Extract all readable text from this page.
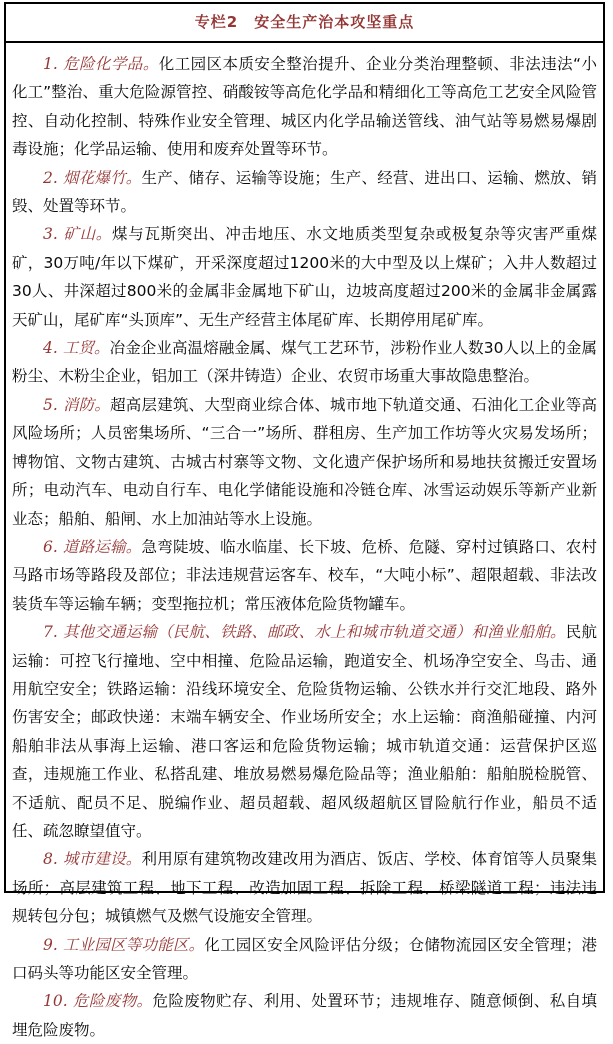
专栏2　安全生产治本攻坚重点

1. 危险化学品。化工园区本质安全整治提升、企业分类治理整顿、非法违法“小化工”整治、重大危险源管控、硝酸铵等高危化学品和精细化工等高危工艺安全风险管控、自动化控制、特殊作业安全管理、城区内化学品输送管线、油气站等易燃易爆剧毒设施；化学品运输、使用和废弃处置等环节。

2. 烟花爆竹。生产、储存、运输等设施；生产、经营、进出口、运输、燃放、销毁、处置等环节。

3. 矿山。煤与瓦斯突出、冲击地压、水文地质类型复杂或极复杂等灾害严重煤矿，30万吨/年以下煤矿，开采深度超过1200米的大中型及以上煤矿；入井人数超过30人、井深超过800米的金属非金属地下矿山，边坡高度超过200米的金属非金属露天矿山，尾矿库“头顶库”、无生产经营主体尾矿库、长期停用尾矿库。

4. 工贸。冶金企业高温熔融金属、煤气工艺环节，涉粉作业人数30人以上的金属粉尘、木粉尘企业，铝加工（深井铸造）企业、农贸市场重大事故隐患整治。

5. 消防。超高层建筑、大型商业综合体、城市地下轨道交通、石油化工企业等高风险场所；人员密集场所、“三合一”场所、群租房、生产加工作坊等火灾易发场所；博物馆、文物古建筑、古城古村寨等文物、文化遗产保护场所和易地扶贫搬迁安置场所；电动汽车、电动自行车、电化学储能设施和冷链仓库、冰雪运动娱乐等新产业新业态；船舶、船闸、水上加油站等水上设施。

6. 道路运输。急弯陡坡、临水临崖、长下坡、危桥、危隧、穿村过镇路口、农村马路市场等路段及部位；非法违规营运客车、校车，“大吨小标”、超限超载、非法改装货车等运输车辆；变型拖拉机；常压液体危险货物罐车。

7. 其他交通运输（民航、铁路、邮政、水上和城市轨道交通）和渔业船舶。民航运输：可控飞行撞地、空中相撞、危险品运输，跑道安全、机场净空安全、鸟击、通用航空安全；铁路运输：沿线环境安全、危险货物运输、公铁水并行交汇地段、路外伤害安全；邮政快递：末端车辆安全、作业场所安全；水上运输：商渔船碰撞、内河船舶非法从事海上运输、港口客运和危险货物运输；城市轨道交通：运营保护区巡查，违规施工作业、私搭乱建、堆放易燃易爆危险品等；渔业船舶：船舶脱检脱管、不适航、配员不足、脱编作业、超员超载、超风级超航区冒险航行作业，船员不适任、疏忽瞭望值守。

8. 城市建设。利用原有建筑物改建改用为酒店、饭店、学校、体育馆等人员聚集场所；高层建筑工程、地下工程、改造加固工程、拆除工程、桥梁隧道工程；违法违规转包分包；城镇燃气及燃气设施安全管理。

9. 工业园区等功能区。化工园区安全风险评估分级；仓储物流园区安全管理；港口码头等功能区安全管理。

10. 危险废物。危险废物贮存、利用、处置环节；违规堆存、随意倾倒、私自填埋危险废物。
